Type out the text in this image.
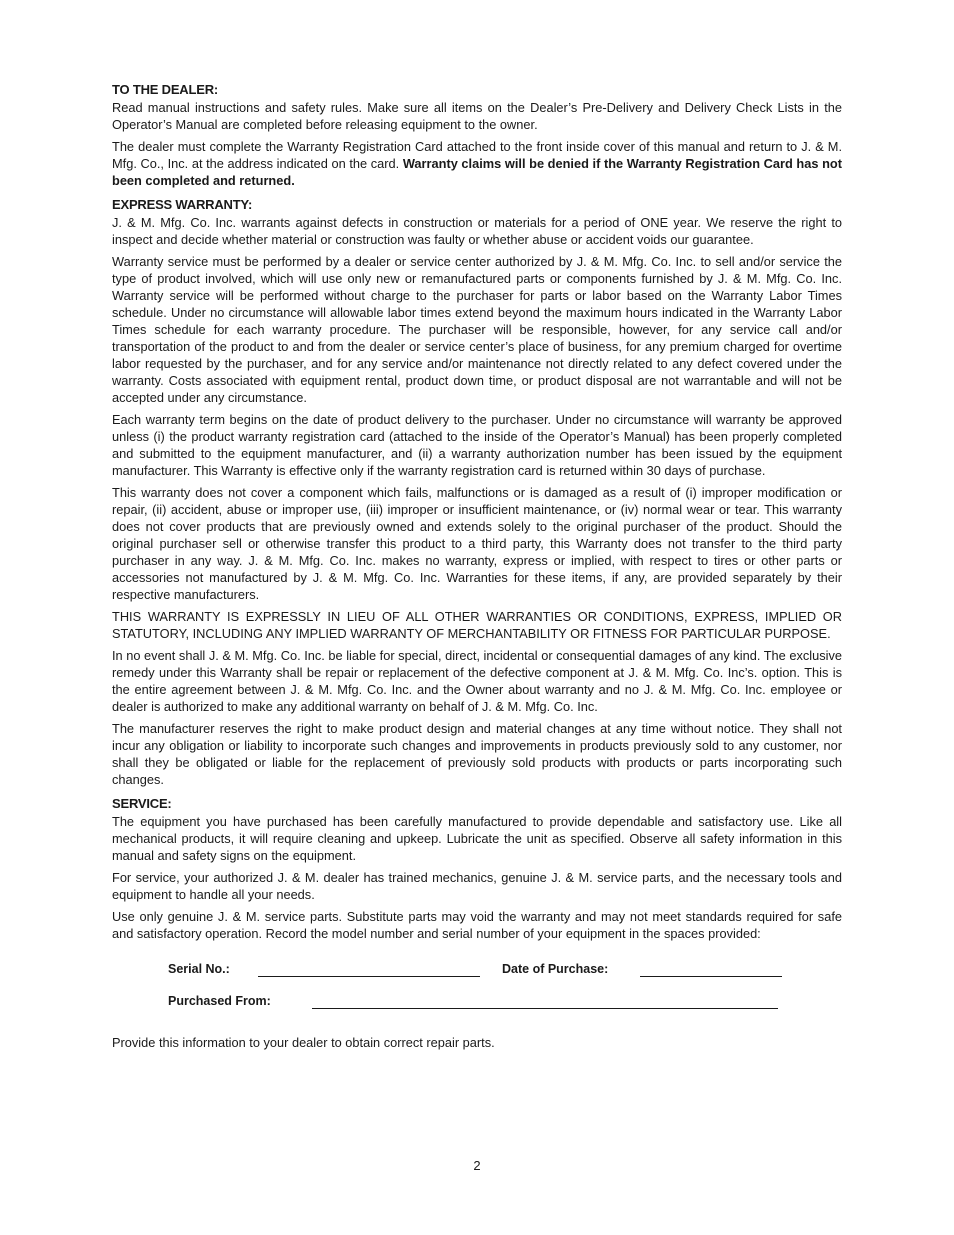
TO THE DEALER:

Read manual instructions and safety rules. Make sure all items on the Dealer’s Pre-Delivery and Delivery Check Lists in the Operator’s Manual are completed before releasing equipment to the owner.

The dealer must complete the Warranty Registration Card attached to the front inside cover of this manual and return to J. & M. Mfg. Co., Inc. at the address indicated on the card. Warranty claims will be denied if the Warranty Registration Card has not been completed and returned.

EXPRESS WARRANTY:

J. & M. Mfg. Co. Inc. warrants against defects in construction or materials for a period of ONE year. We reserve the right to inspect and decide whether material or construction was faulty or whether abuse or accident voids our guarantee.

Warranty service must be performed by a dealer or service center authorized by J. & M. Mfg. Co. Inc. to sell and/or service the type of product involved, which will use only new or remanufactured parts or components furnished by J. & M. Mfg. Co. Inc. Warranty service will be performed without charge to the purchaser for parts or labor based on the Warranty Labor Times schedule. Under no circumstance will allowable labor times extend beyond the maximum hours indicated in the Warranty Labor Times schedule for each warranty procedure. The purchaser will be responsible, however, for any service call and/or transportation of the product to and from the dealer or service center’s place of business, for any premium charged for overtime labor requested by the purchaser, and for any service and/or maintenance not directly related to any defect covered under the warranty. Costs associated with equipment rental, product down time, or product disposal are not warrantable and will not be accepted under any circumstance.

Each warranty term begins on the date of product delivery to the purchaser. Under no circumstance will warranty be approved unless (i) the product warranty registration card (attached to the inside of the Operator’s Manual) has been properly completed and submitted to the equipment manufacturer, and (ii) a warranty authorization number has been issued by the equipment manufacturer. This Warranty is effective only if the warranty registration card is returned within 30 days of purchase.

This warranty does not cover a component which fails, malfunctions or is damaged as a result of (i) improper modification or repair, (ii) accident, abuse or improper use, (iii) improper or insufficient maintenance, or (iv) normal wear or tear. This warranty does not cover products that are previously owned and extends solely to the original purchaser of the product. Should the original purchaser sell or otherwise transfer this product to a third party, this Warranty does not transfer to the third party purchaser in any way. J. & M. Mfg. Co. Inc. makes no warranty, express or implied, with respect to tires or other parts or accessories not manufactured by J. & M. Mfg. Co. Inc. Warranties for these items, if any, are provided separately by their respective manufacturers.

THIS WARRANTY IS EXPRESSLY IN LIEU OF ALL OTHER WARRANTIES OR CONDITIONS, EXPRESS, IMPLIED OR STATUTORY, INCLUDING ANY IMPLIED WARRANTY OF MERCHANTABILITY OR FITNESS FOR PARTICULAR PURPOSE.

In no event shall J. & M. Mfg. Co. Inc. be liable for special, direct, incidental or consequential damages of any kind. The exclusive remedy under this Warranty shall be repair or replacement of the defective component at J. & M. Mfg. Co. Inc’s. option. This is the entire agreement between J. & M. Mfg. Co. Inc. and the Owner about warranty and no J. & M. Mfg. Co. Inc. employee or dealer is authorized to make any additional warranty on behalf of J. & M. Mfg. Co. Inc.

The manufacturer reserves the right to make product design and material changes at any time without notice. They shall not incur any obligation or liability to incorporate such changes and improvements in products previously sold to any customer, nor shall they be obligated or liable for the replacement of previously sold products with products or parts incorporating such changes.

SERVICE:

The equipment you have purchased has been carefully manufactured to provide dependable and satisfactory use. Like all mechanical products, it will require cleaning and upkeep. Lubricate the unit as specified. Observe all safety information in this manual and safety signs on the equipment.

For service, your authorized J. & M. dealer has trained mechanics, genuine J. & M. service parts, and the necessary tools and equipment to handle all your needs.

Use only genuine J. & M. service parts. Substitute parts may void the warranty and may not meet standards required for safe and satisfactory operation. Record the model number and serial number of your equipment in the spaces provided:

Serial No.:	Date of Purchase:
Purchased From:

Provide this information to your dealer to obtain correct repair parts.

2
